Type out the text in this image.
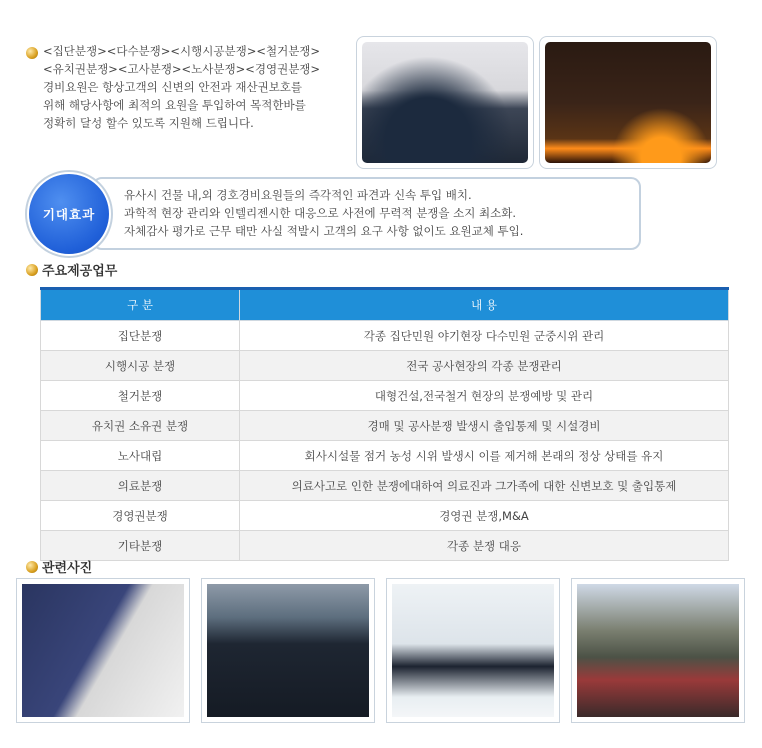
<집단분쟁><다수분쟁><시행시공분쟁><철거분쟁>
<유치권분쟁><고사분쟁><노사분쟁><경영권분쟁>
경비요원은 항상고객의 신변의 안전과 재산권보호를
위해 해당사항에 최적의 요원을 투입하여 목적한바를
정확히 달성 할수 있도록 지원해 드립니다.
기대효과
유사시 건물 내,외 경호경비요원들의 즉각적인 파견과 신속 투입 배치.
과학적 현장 관리와 인텔리젠시한 대응으로 사전에 무력적 분쟁을 소지 최소화.
자체감사 평가로 근무 태만 사실 적발시 고객의 요구 사항 없이도 요원교체 투입.
주요제공업무
구 분	내 용
집단분쟁	각종 집단민원 야기현장 다수민원 군중시위 관리
시행시공 분쟁	전국 공사현장의 각종 분쟁관리
철거분쟁	대형건설,전국철거 현장의 분쟁예방 및 관리
유치권 소유권 분쟁	경매 및 공사분쟁 발생시 출입통제 및 시설경비
노사대립	회사시설물 점거 농성 시위 발생시 이를 제거해 본래의 정상 상태를 유지
의료분쟁	의료사고로 인한 분쟁에대하여 의료진과 그가족에 대한 신변보호 및 출입통제
경영권분쟁	경영권 분쟁,M&A
기타분쟁	각종 분쟁 대응
관련사진
